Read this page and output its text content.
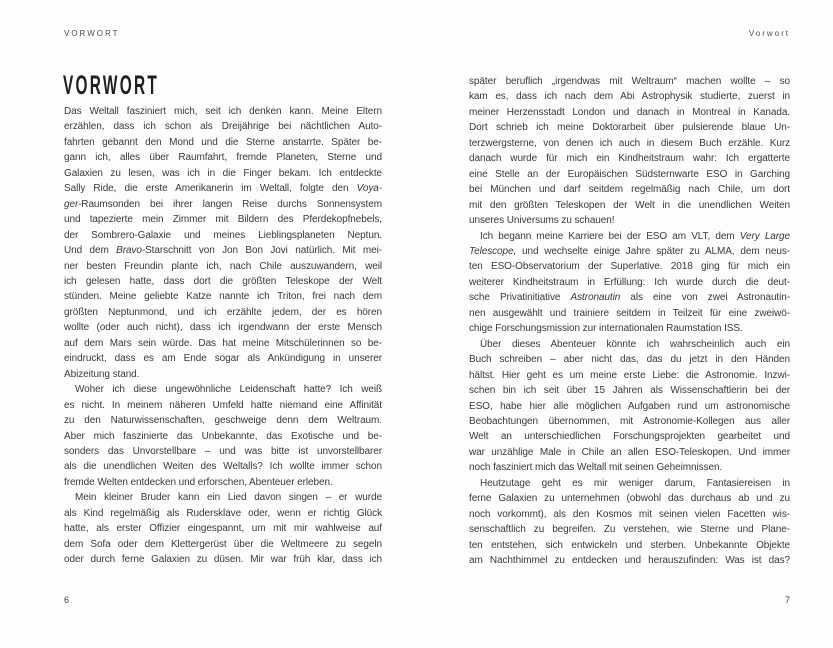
VORWORT	Vorwort
VORWORT
Das Weltall fasziniert mich, seit ich denken kann. Meine Eltern
erzählen, dass ich schon als Dreijährige bei nächtlichen Auto-
fahrten gebannt den Mond und die Sterne anstarrte. Später be-
gann ich, alles über Raumfahrt, fremde Planeten, Sterne und
Galaxien zu lesen, was ich in die Finger bekam. Ich entdeckte
Sally Ride, die erste Amerikanerin im Weltall, folgte den Voya-
ger-Raumsonden bei ihrer langen Reise durchs Sonnensystem
und tapezierte mein Zimmer mit Bildern des Pferdekopfnebels,
der Sombrero-Galaxie und meines Lieblingsplaneten Neptun.
Und dem Bravo-Starschnitt von Jon Bon Jovi natürlich. Mit mei-
ner besten Freundin plante ich, nach Chile auszuwandern, weil
ich gelesen hatte, dass dort die größten Teleskope der Welt
stünden. Meine geliebte Katze nannte ich Triton, frei nach dem
größten Neptunmond, und ich erzählte jedem, der es hören
wollte (oder auch nicht), dass ich irgendwann der erste Mensch
auf dem Mars sein würde. Das hat meine Mitschülerinnen so be-
eindruckt, dass es am Ende sogar als Ankündigung in unserer
Abizeitung stand.
Woher ich diese ungewöhnliche Leidenschaft hatte? Ich weiß
es nicht. In meinem näheren Umfeld hatte niemand eine Affinität
zu den Naturwissenschaften, geschweige denn dem Weltraum.
Aber mich faszinierte das Unbekannte, das Exotische und be-
sonders das Unvorstellbare – und was bitte ist unvorstellbarer
als die unendlichen Weiten des Weltalls? Ich wollte immer schon
fremde Welten entdecken und erforschen, Abenteuer erleben.
Mein kleiner Bruder kann ein Lied davon singen – er wurde
als Kind regelmäßig als Rudersklave oder, wenn er richtig Glück
hatte, als erster Offizier eingespannt, um mit mir wahlweise auf
dem Sofa oder dem Klettergerüst über die Weltmeere zu segeln
oder durch ferne Galaxien zu düsen. Mir war früh klar, dass ich
später beruflich „irgendwas mit Weltraum“ machen wollte – so
kam es, dass ich nach dem Abi Astrophysik studierte, zuerst in
meiner Herzensstadt London und danach in Montreal in Kanada.
Dort schrieb ich meine Doktorarbeit über pulsierende blaue Un-
terzwergsterne, von denen ich auch in diesem Buch erzähle. Kurz
danach wurde für mich ein Kindheitstraum wahr: Ich ergatterte
eine Stelle an der Europäischen Südsternwarte ESO in Garching
bei München und darf seitdem regelmäßig nach Chile, um dort
mit den größten Teleskopen der Welt in die unendlichen Weiten
unseres Universums zu schauen!
Ich begann meine Karriere bei der ESO am VLT, dem Very Large
Telescope, und wechselte einige Jahre später zu ALMA, dem neus-
ten ESO-Observatorium der Superlative. 2018 ging für mich ein
weiterer Kindheitstraum in Erfüllung: Ich wurde durch die deut-
sche Privatinitiative Astronautin als eine von zwei Astronautin-
nen ausgewählt und trainiere seitdem in Teilzeit für eine zweiwö-
chige Forschungsmission zur internationalen Raumstation ISS.
Über dieses Abenteuer könnte ich wahrscheinlich auch ein
Buch schreiben – aber nicht das, das du jetzt in den Händen
hältst. Hier geht es um meine erste Liebe: die Astronomie. Inzwi-
schen bin ich seit über 15 Jahren als Wissenschaftlerin bei der
ESO, habe hier alle möglichen Aufgaben rund um astronomische
Beobachtungen übernommen, mit Astronomie-Kollegen aus aller
Welt an unterschiedlichen Forschungsprojekten gearbeitet und
war unzählige Male in Chile an allen ESO-Teleskopen. Und immer
noch fasziniert mich das Weltall mit seinen Geheimnissen.
Heutzutage geht es mir weniger darum, Fantasiereisen in
ferne Galaxien zu unternehmen (obwohl das durchaus ab und zu
noch vorkommt), als den Kosmos mit seinen vielen Facetten wis-
senschaftlich zu begreifen. Zu verstehen, wie Sterne und Plane-
ten entstehen, sich entwickeln und sterben. Unbekannte Objekte
am Nachthimmel zu entdecken und herauszufinden: Was ist das?
6	7
